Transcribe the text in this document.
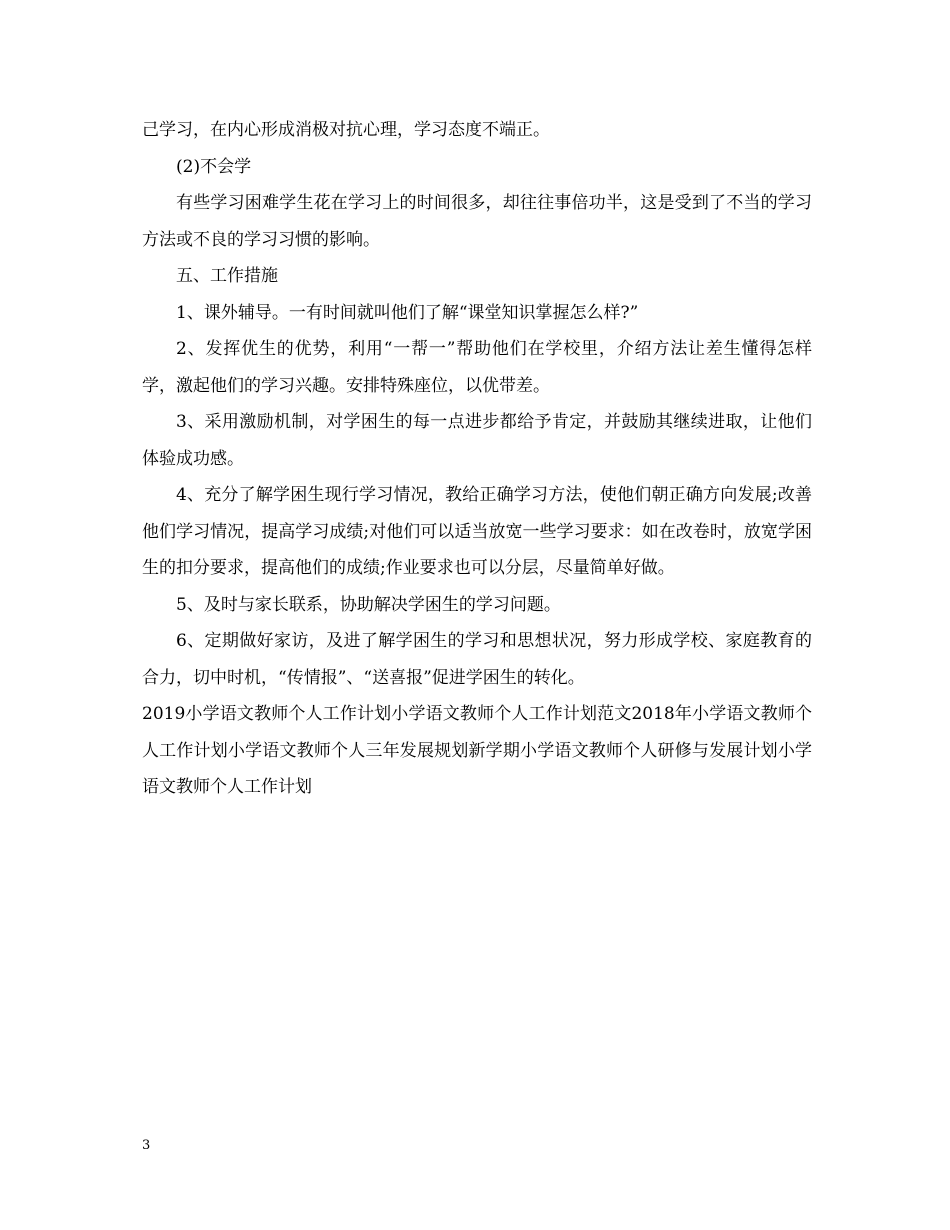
己学习，在内心形成消极对抗心理，学习态度不端正。

(2)不会学

有些学习困难学生花在学习上的时间很多，却往往事倍功半，这是受到了不当的学习方法或不良的学习习惯的影响。

五、工作措施

1、课外辅导。一有时间就叫他们了解“课堂知识掌握怎么样?”

2、发挥优生的优势，利用“一帮一”帮助他们在学校里，介绍方法让差生懂得怎样学，激起他们的学习兴趣。安排特殊座位，以优带差。

3、采用激励机制，对学困生的每一点进步都给予肯定，并鼓励其继续进取，让他们体验成功感。

4、充分了解学困生现行学习情况，教给正确学习方法，使他们朝正确方向发展;改善他们学习情况，提高学习成绩;对他们可以适当放宽一些学习要求：如在改卷时，放宽学困生的扣分要求，提高他们的成绩;作业要求也可以分层，尽量简单好做。

5、及时与家长联系，协助解决学困生的学习问题。

6、定期做好家访，及进了解学困生的学习和思想状况，努力形成学校、家庭教育的合力，切中时机，“传情报”、“送喜报”促进学困生的转化。

2019小学语文教师个人工作计划小学语文教师个人工作计划范文2018年小学语文教师个人工作计划小学语文教师个人三年发展规划新学期小学语文教师个人研修与发展计划小学语文教师个人工作计划

3
